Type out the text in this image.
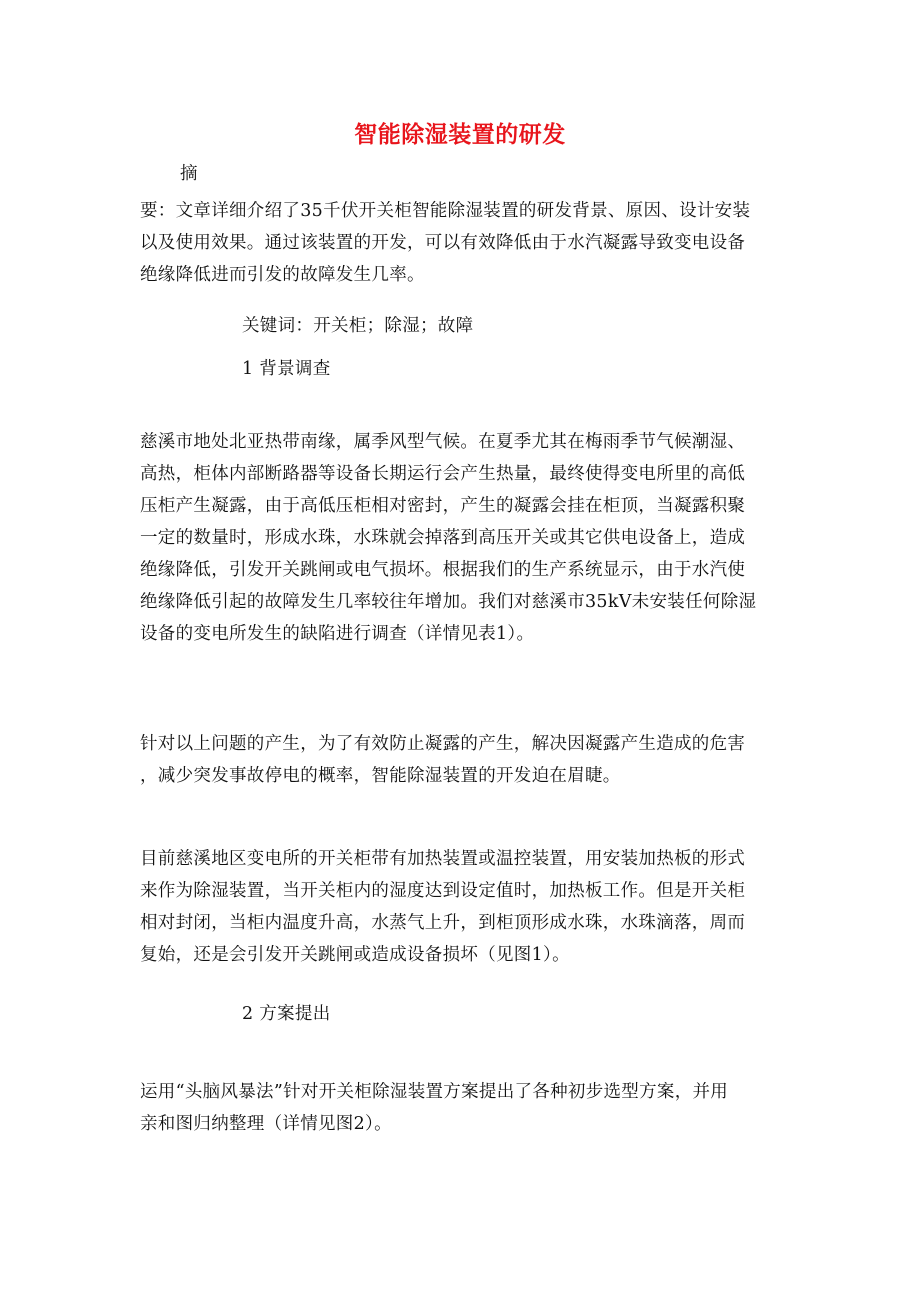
智能除湿装置的研发
摘
要：文章详细介绍了35千伏开关柜智能除湿装置的研发背景、原因、设计安装
以及使用效果。通过该装置的开发，可以有效降低由于水汽凝露导致变电设备
绝缘降低进而引发的故障发生几率。
关键词：开关柜；除湿；故障
1 背景调查
慈溪市地处北亚热带南缘，属季风型气候。在夏季尤其在梅雨季节气候潮湿、
高热，柜体内部断路器等设备长期运行会产生热量，最终使得变电所里的高低
压柜产生凝露，由于高低压柜相对密封，产生的凝露会挂在柜顶，当凝露积聚
一定的数量时，形成水珠，水珠就会掉落到高压开关或其它供电设备上，造成
绝缘降低，引发开关跳闸或电气损坏。根据我们的生产系统显示，由于水汽使
绝缘降低引起的故障发生几率较往年增加。我们对慈溪市35kV未安装任何除湿
设备的变电所发生的缺陷进行调查（详情见表1）。
针对以上问题的产生，为了有效防止凝露的产生，解决因凝露产生造成的危害
，减少突发事故停电的概率，智能除湿装置的开发迫在眉睫。
目前慈溪地区变电所的开关柜带有加热装置或温控装置，用安装加热板的形式
来作为除湿装置，当开关柜内的湿度达到设定值时，加热板工作。但是开关柜
相对封闭，当柜内温度升高，水蒸气上升，到柜顶形成水珠，水珠滴落，周而
复始，还是会引发开关跳闸或造成设备损坏（见图1）。
2 方案提出
运用“头脑风暴法”针对开关柜除湿装置方案提出了各种初步选型方案，并用
亲和图归纳整理（详情见图2）。
